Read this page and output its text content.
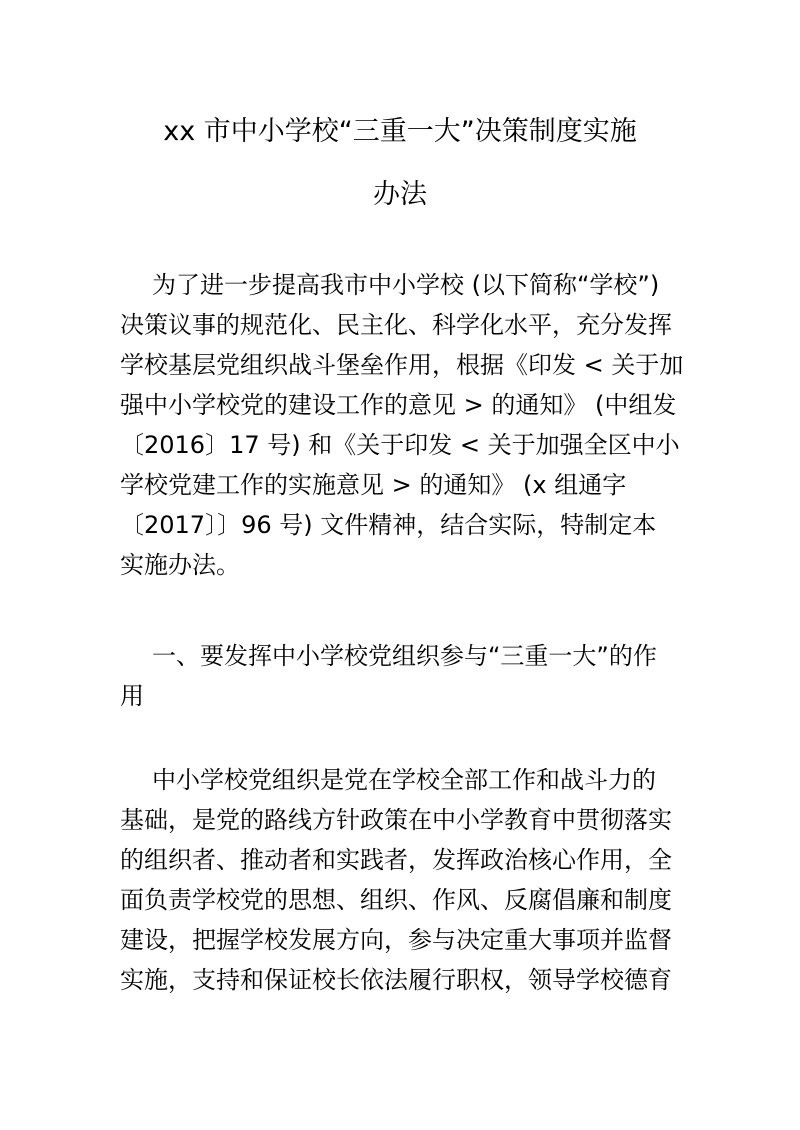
xx 市中小学校“三重一大”决策制度实施
办法
为了进一步提高我市中小学校 (以下简称“学校”)
决策议事的规范化、民主化、科学化水平，充分发挥
学校基层党组织战斗堡垒作用，根据《印发 < 关于加
强中小学校党的建设工作的意见 > 的通知》 (中组发
〔2016〕17 号) 和《关于印发 < 关于加强全区中小
学校党建工作的实施意见 > 的通知》 (x 组通字
〔2017〕〕96 号) 文件精神，结合实际，特制定本
实施办法。
一、要发挥中小学校党组织参与“三重一大”的作
用
中小学校党组织是党在学校全部工作和战斗力的
基础，是党的路线方针政策在中小学教育中贯彻落实
的组织者、推动者和实践者，发挥政治核心作用，全
面负责学校党的思想、组织、作风、反腐倡廉和制度
建设，把握学校发展方向，参与决定重大事项并监督
实施，支持和保证校长依法履行职权，领导学校德育
